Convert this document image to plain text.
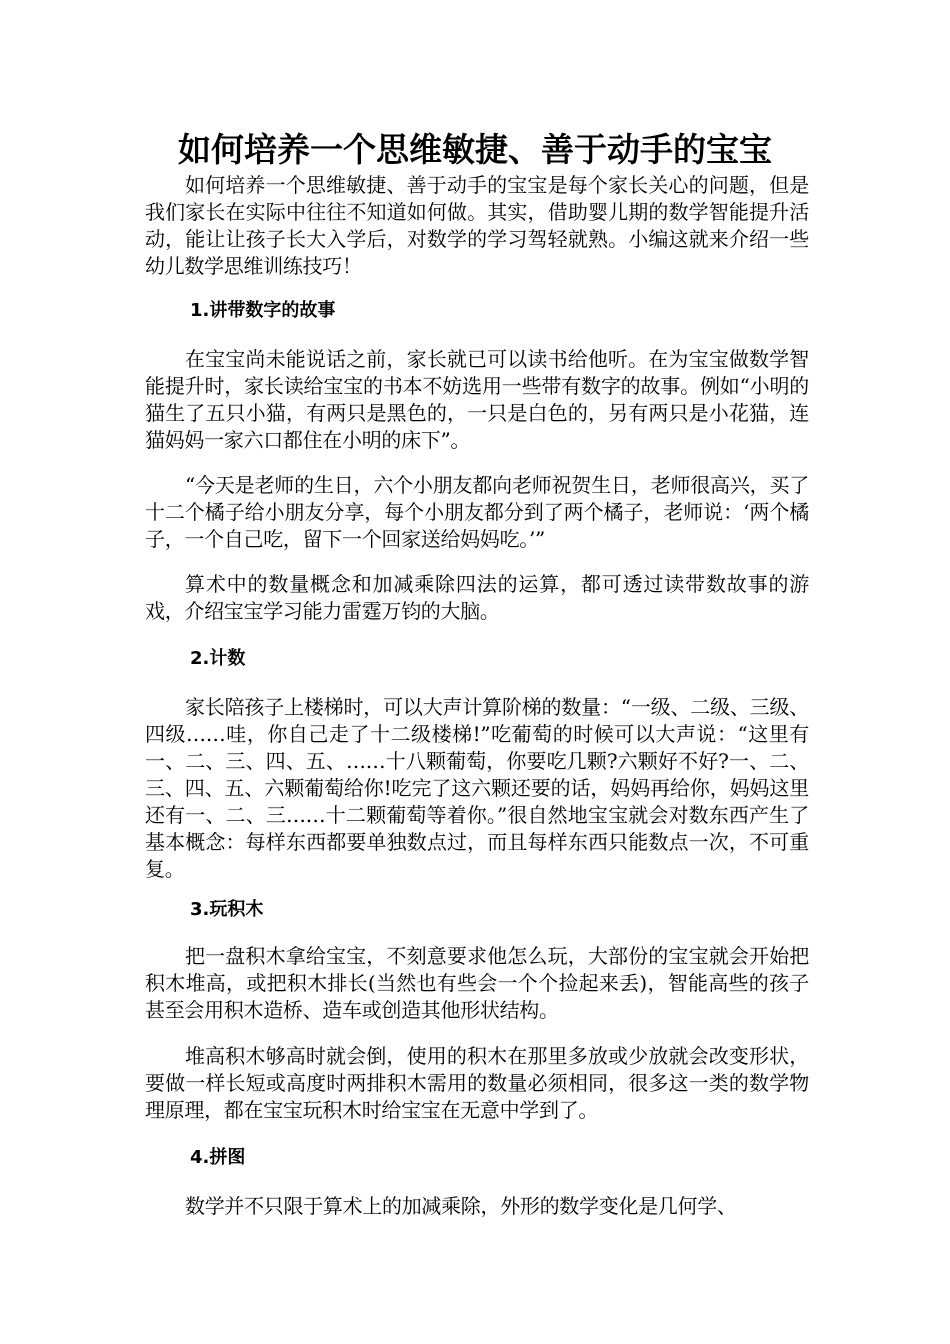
如何培养一个思维敏捷、善于动手的宝宝

如何培养一个思维敏捷、善于动手的宝宝是每个家长关心的问题，但是我们家长在实际中往往不知道如何做。其实，借助婴儿期的数学智能提升活动，能让让孩子长大入学后，对数学的学习驾轻就熟。小编这就来介绍一些幼儿数学思维训练技巧！

1.讲带数字的故事

在宝宝尚未能说话之前，家长就已可以读书给他听。在为宝宝做数学智能提升时，家长读给宝宝的书本不妨选用一些带有数字的故事。例如“小明的猫生了五只小猫，有两只是黑色的，一只是白色的，另有两只是小花猫，连猫妈妈一家六口都住在小明的床下”。

“今天是老师的生日，六个小朋友都向老师祝贺生日，老师很高兴，买了十二个橘子给小朋友分享，每个小朋友都分到了两个橘子，老师说：‘两个橘子，一个自己吃，留下一个回家送给妈妈吃。’”

算术中的数量概念和加减乘除四法的运算，都可透过读带数故事的游戏，介绍宝宝学习能力雷霆万钧的大脑。

2.计数

家长陪孩子上楼梯时，可以大声计算阶梯的数量：“一级、二级、三级、四级……哇，你自己走了十二级楼梯!”吃葡萄的时候可以大声说：“这里有一、二、三、四、五、……十八颗葡萄，你要吃几颗?六颗好不好?一、二、三、四、五、六颗葡萄给你!吃完了这六颗还要的话，妈妈再给你，妈妈这里还有一、二、三……十二颗葡萄等着你。”很自然地宝宝就会对数东西产生了基本概念：每样东西都要单独数点过，而且每样东西只能数点一次，不可重复。

3.玩积木

把一盘积木拿给宝宝，不刻意要求他怎么玩，大部份的宝宝就会开始把积木堆高，或把积木排长(当然也有些会一个个捡起来丢)，智能高些的孩子甚至会用积木造桥、造车或创造其他形状结构。

堆高积木够高时就会倒，使用的积木在那里多放或少放就会改变形状，要做一样长短或高度时两排积木需用的数量必须相同，很多这一类的数学物理原理，都在宝宝玩积木时给宝宝在无意中学到了。

4.拼图

数学并不只限于算术上的加减乘除，外形的数学变化是几何学、
